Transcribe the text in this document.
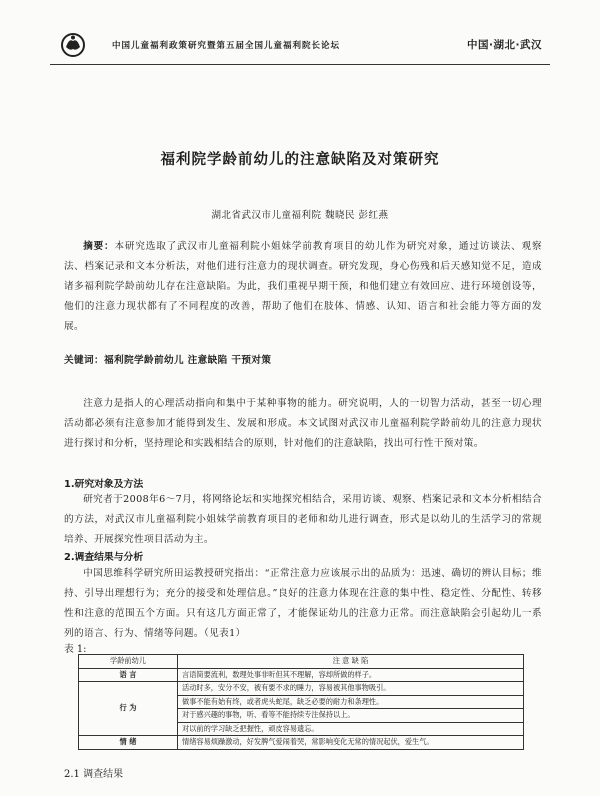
中国儿童福利政策研究暨第五届全国儿童福利院长论坛	中国·湖北·武汉
福利院学龄前幼儿的注意缺陷及对策研究
湖北省武汉市儿童福利院 魏晓民 彭红燕
摘要：本研究选取了武汉市儿童福利院小姐妹学前教育项目的幼儿作为研究对象，通过访谈法、观察法、档案记录和文本分析法，对他们进行注意力的现状调查。研究发现，身心伤残和后天感知觉不足，造成诸多福利院学龄前幼儿存在注意缺陷。为此，我们重视早期干预，和他们建立有效回应、进行环境创设等，他们的注意力现状都有了不同程度的改善，帮助了他们在肢体、情感、认知、语言和社会能力等方面的发展。
关键词：福利院学龄前幼儿 注意缺陷 干预对策
注意力是指人的心理活动指向和集中于某种事物的能力。研究说明，人的一切智力活动，甚至一切心理活动都必须有注意参加才能得到发生、发展和形成。本文试图对武汉市儿童福利院学龄前幼儿的注意力现状进行探讨和分析，坚持理论和实践相结合的原则，针对他们的注意缺陷，找出可行性干预对策。
1.研究对象及方法
研究者于2008年6～7月，将网络论坛和实地探究相结合，采用访谈、观察、档案记录和文本分析相结合的方法，对武汉市儿童福利院小姐妹学前教育项目的老师和幼儿进行调查，形式是以幼儿的生活学习的常规培养、开展探究性项目活动为主。
2.调查结果与分析
中国思维科学研究所田运教授研究指出：“正常注意力应该展示出的品质为：迅速、确切的辨认目标；维持、引导出理想行为；充分的接受和处理信息。”良好的注意力体现在注意的集中性、稳定性、分配性、转移性和注意的范围五个方面。只有这几方面正常了，才能保证幼儿的注意力正常。而注意缺陷会引起幼儿一系列的语言、行为、情绪等问题。（见表1）
表 1:
学龄前幼儿	注 意 缺 陷
语 言	言语简要流利，数理处事非听但其不理解，容却所做的样子。
行 为	活动时多，安分不安，被有要不求的睡力，容易被其他事物吸引。
	做事不能有始有终，或者虎头蛇尾，缺乏必要的耐力和条理性。
	对于感兴趣的事物，听、看等不能持续专注保持以上。
	对以前的学习缺乏把握性，顽皮容易遗忘。
情 绪	情绪容易烦躁激动，好发脾气爱闹着哭，常影响变化无常的情况起伏，爱生气。
2.1 调查结果
